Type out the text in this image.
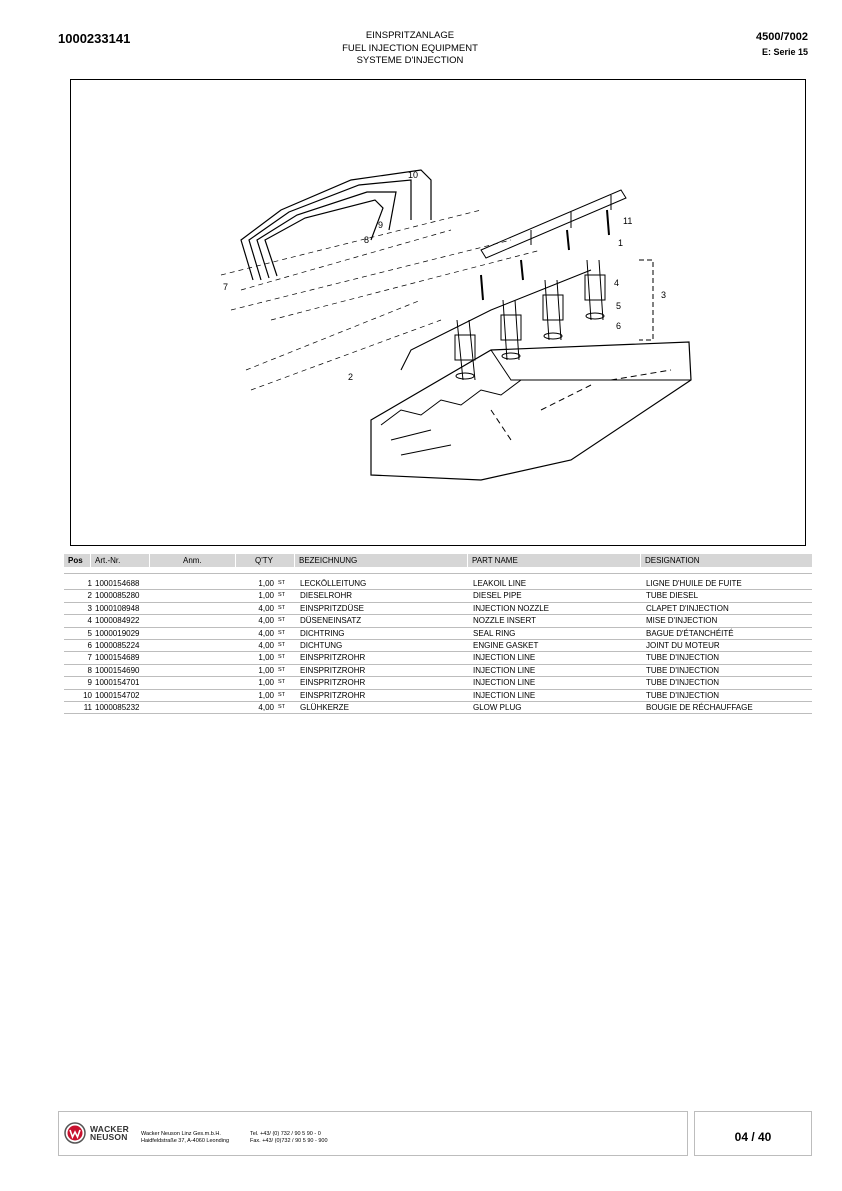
1000233141	EINSPRITZANLAGE
FUEL INJECTION EQUIPMENT
SYSTEME D'INJECTION
4500/7002
E: Serie 15
10
9
8
7
2
1
3
4
5
6
11
Pos	Art.-Nr.	Anm.	Q'TY	BEZEICHNUNG	PART NAME	DESIGNATION
1 1000154688	1,00 ST LECKÖLLEITUNG	LEAKOIL LINE	LIGNE D'HUILE DE FUITE
2 1000085280	1,00 ST DIESELROHR	DIESEL PIPE	TUBE DIESEL
3 1000108948	4,00 ST EINSPRITZDÜSE	INJECTION NOZZLE	CLAPET D'INJECTION
4 1000084922	4,00 ST DÜSENEINSATZ	NOZZLE INSERT	MISE D'INJECTION
5 1000019029	4,00 ST DICHTRING	SEAL RING	BAGUE D'ÉTANCHÉITÉ
6 1000085224	4,00 ST DICHTUNG	ENGINE GASKET	JOINT DU MOTEUR
7 1000154689	1,00 ST EINSPRITZROHR	INJECTION LINE	TUBE D'INJECTION
8 1000154690	1,00 ST EINSPRITZROHR	INJECTION LINE	TUBE D'INJECTION
9 1000154701	1,00 ST EINSPRITZROHR	INJECTION LINE	TUBE D'INJECTION
10 1000154702	1,00 ST EINSPRITZROHR	INJECTION LINE	TUBE D'INJECTION
11 1000085232	4,00 ST GLÜHKERZE	GLOW PLUG	BOUGIE DE RÉCHAUFFAGE
WACKER
NEUSON Wacker Neuson Linz Ges.m.b.H.
Haidfeldstraße 37, A-4060 Leonding
Tel. +43/ (0) 732 / 90 5 90 - 0
Fax. +43/ (0)732 / 90 5 90 - 900	04 / 40
